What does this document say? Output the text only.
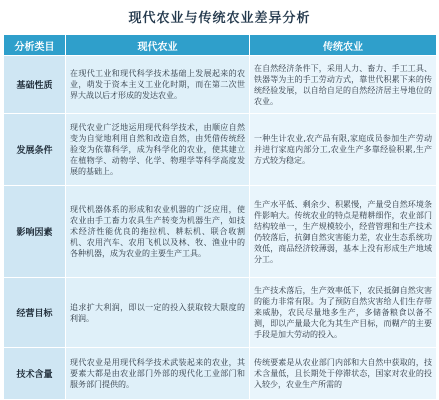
现代农业与传统农业差异分析
分析类目	现代农业	传统农业
基础性质	在现代工业和现代科学技术基础上发展起来的农业，萌发于资本主义工业化时期，而在第二次世界大战以后才形成的发达农业。	在自然经济条件下，采用人力、畜力、手工工具、铁器等为主的手工劳动方式，靠世代积累下来的传统经验发展，以自给自足的自然经济居主导地位的农业。
发展条件	现代农业广泛地运用现代科学技术，由顺应自然变为自觉地利用自然和改造自然，由凭借传统经验变为依靠科学，成为科学化的农业，使其建立在植物学、动物学、化学、物理学等科学高度发展的基础上。	一种生计农业,农产品有限,家庭成员参加生产劳动并进行家庭内部分工,农业生产多靠经验积累,生产方式较为稳定。
影响因素	现代机器体系的形成和农业机器的广泛应用，使农业由手工畜力农具生产转变为机器生产，如技术经济性能优良的拖拉机、耕耘机、联合收割机、农用汽车、农用飞机以及林、牧、渔业中的各种机器，成为农业的主要生产工具。	生产水平低、剩余少、积累慢，产量受自然环境条件影响大。传统农业的特点是精耕细作，农业部门结构较单一，生产规模较小，经营管理和生产技术仍较落后，抗御自然灾害能力差，农业生态系统功效低，商品经济较薄弱，基本上没有形成生产地域分工。
经营目标	追求扩大利润，即以一定的投入获取较大限度的利润。	生产技术落后，生产效率低下，农民抵御自然灾害的能力非常有限。为了预防自然灾害给人们生存带来威胁，农民尽量地多生产，多储备粮食以备不测，即以产量最大化为其生产目标，而糊产的主要手段是加大劳动的投入。
技术含量	现代农业是用现代科学技术武装起来的农业，其要素大都是由农业部门外部的现代化工业部门和服务部门提供的。	传统要素是从农业部门内部和大自然中获取的，技术含量低，且长期处于停滞状态，国家对农业的投入较少，农业生产所需的
